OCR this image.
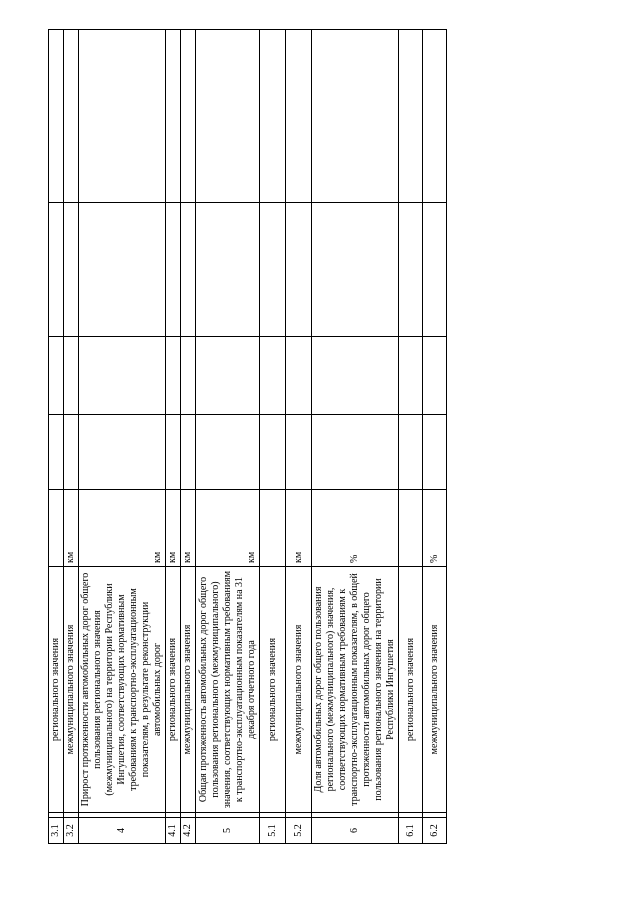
3.1		регионального значения					
3.2		межмуниципального значения	км				
4		Прирост протяженности автомобильных дорог общего пользования регионального значения (межмуниципального) на территории Республики Ингушетия, соответствующих нормативным требованиям к транспортно-эксплуатационным показателям, в результате реконструкции автомобильных дорог	км				
4.1		регионального значения	км				
4.2		межмуниципального значения	км				
5		Общая протяженность автомобильных дорог общего пользования регионального (межмуниципального) значения, соответствующих нормативным требованиям к транспортно-эксплуатационным показателям на 31 декабря отчетного года	км				
5.1		регионального значения					
5.2		межмуниципального значения	км				
6		Доля автомобильных дорог общего пользования регионального (межмуниципального) значения, соответствующих нормативным требованиям к транспортно-эксплуатационным показателям, в общей протяженности автомобильных дорог общего пользования регионального значения на территории Республики Ингушетия	%				
6.1		регионального значения					
6.2		межмуниципального значения	%				
